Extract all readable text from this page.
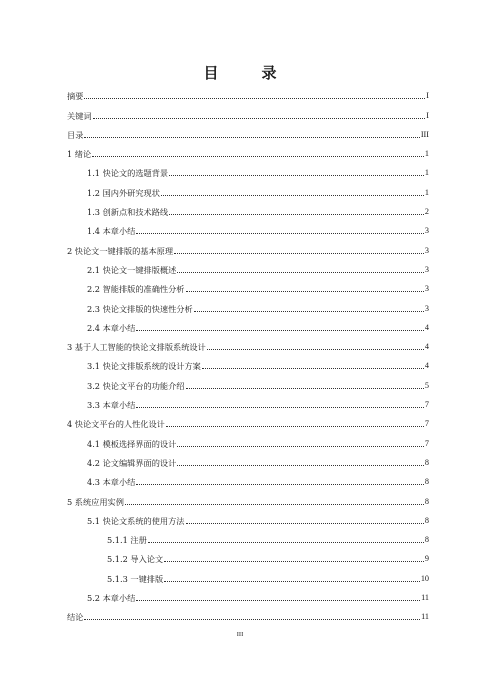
目　录
摘要	I
关键词	I
目录	III
1 绪论	1
1.1 快论文的选题背景	1
1.2 国内外研究现状	1
1.3 创新点和技术路线	2
1.4 本章小结	3
2 快论文一键排版的基本原理	3
2.1 快论文一键排版概述	3
2.2 智能排版的准确性分析	3
2.3 快论文排版的快速性分析	3
2.4 本章小结	4
3 基于人工智能的快论文排版系统设计	4
3.1 快论文排版系统的设计方案	4
3.2 快论文平台的功能介绍	5
3.3 本章小结	7
4 快论文平台的人性化设计	7
4.1 模板选择界面的设计	7
4.2 论文编辑界面的设计	8
4.3 本章小结	8
5 系统应用实例	8
5.1 快论文系统的使用方法	8
5.1.1 注册	8
5.1.2 导入论文	9
5.1.3 一键排版	10
5.2 本章小结	11
结论	11
III
